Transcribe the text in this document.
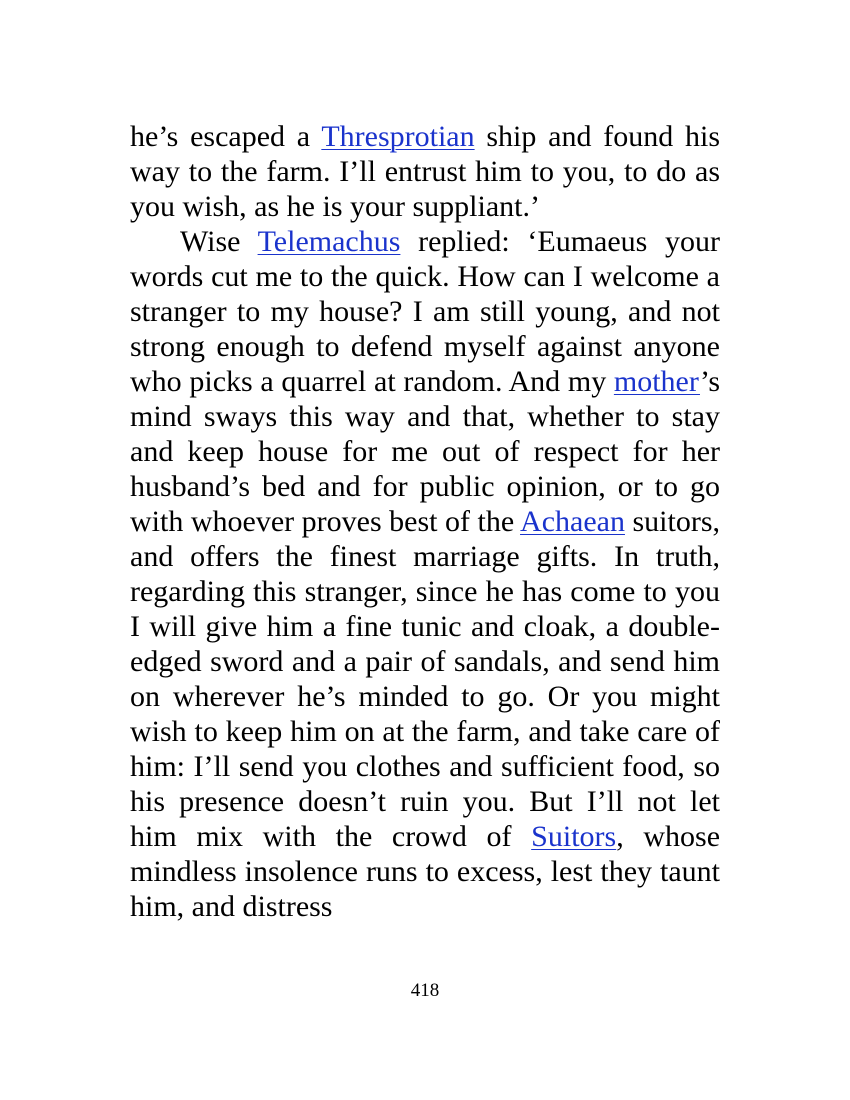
he’s escaped a Thresprotian ship and found his way to the farm. I’ll entrust him to you, to do as you wish, as he is your suppliant.’

Wise Telemachus replied: ‘Eumaeus your words cut me to the quick. How can I welcome a stranger to my house? I am still young, and not strong enough to defend myself against anyone who picks a quarrel at random. And my mother’s mind sways this way and that, whether to stay and keep house for me out of respect for her husband’s bed and for public opinion, or to go with whoever proves best of the Achaean suitors, and offers the finest marriage gifts. In truth, regarding this stranger, since he has come to you I will give him a fine tunic and cloak, a double-edged sword and a pair of sandals, and send him on wherever he’s minded to go. Or you might wish to keep him on at the farm, and take care of him: I’ll send you clothes and sufficient food, so his presence doesn’t ruin you. But I’ll not let him mix with the crowd of Suitors, whose mindless insolence runs to excess, lest they taunt him, and distress

418
